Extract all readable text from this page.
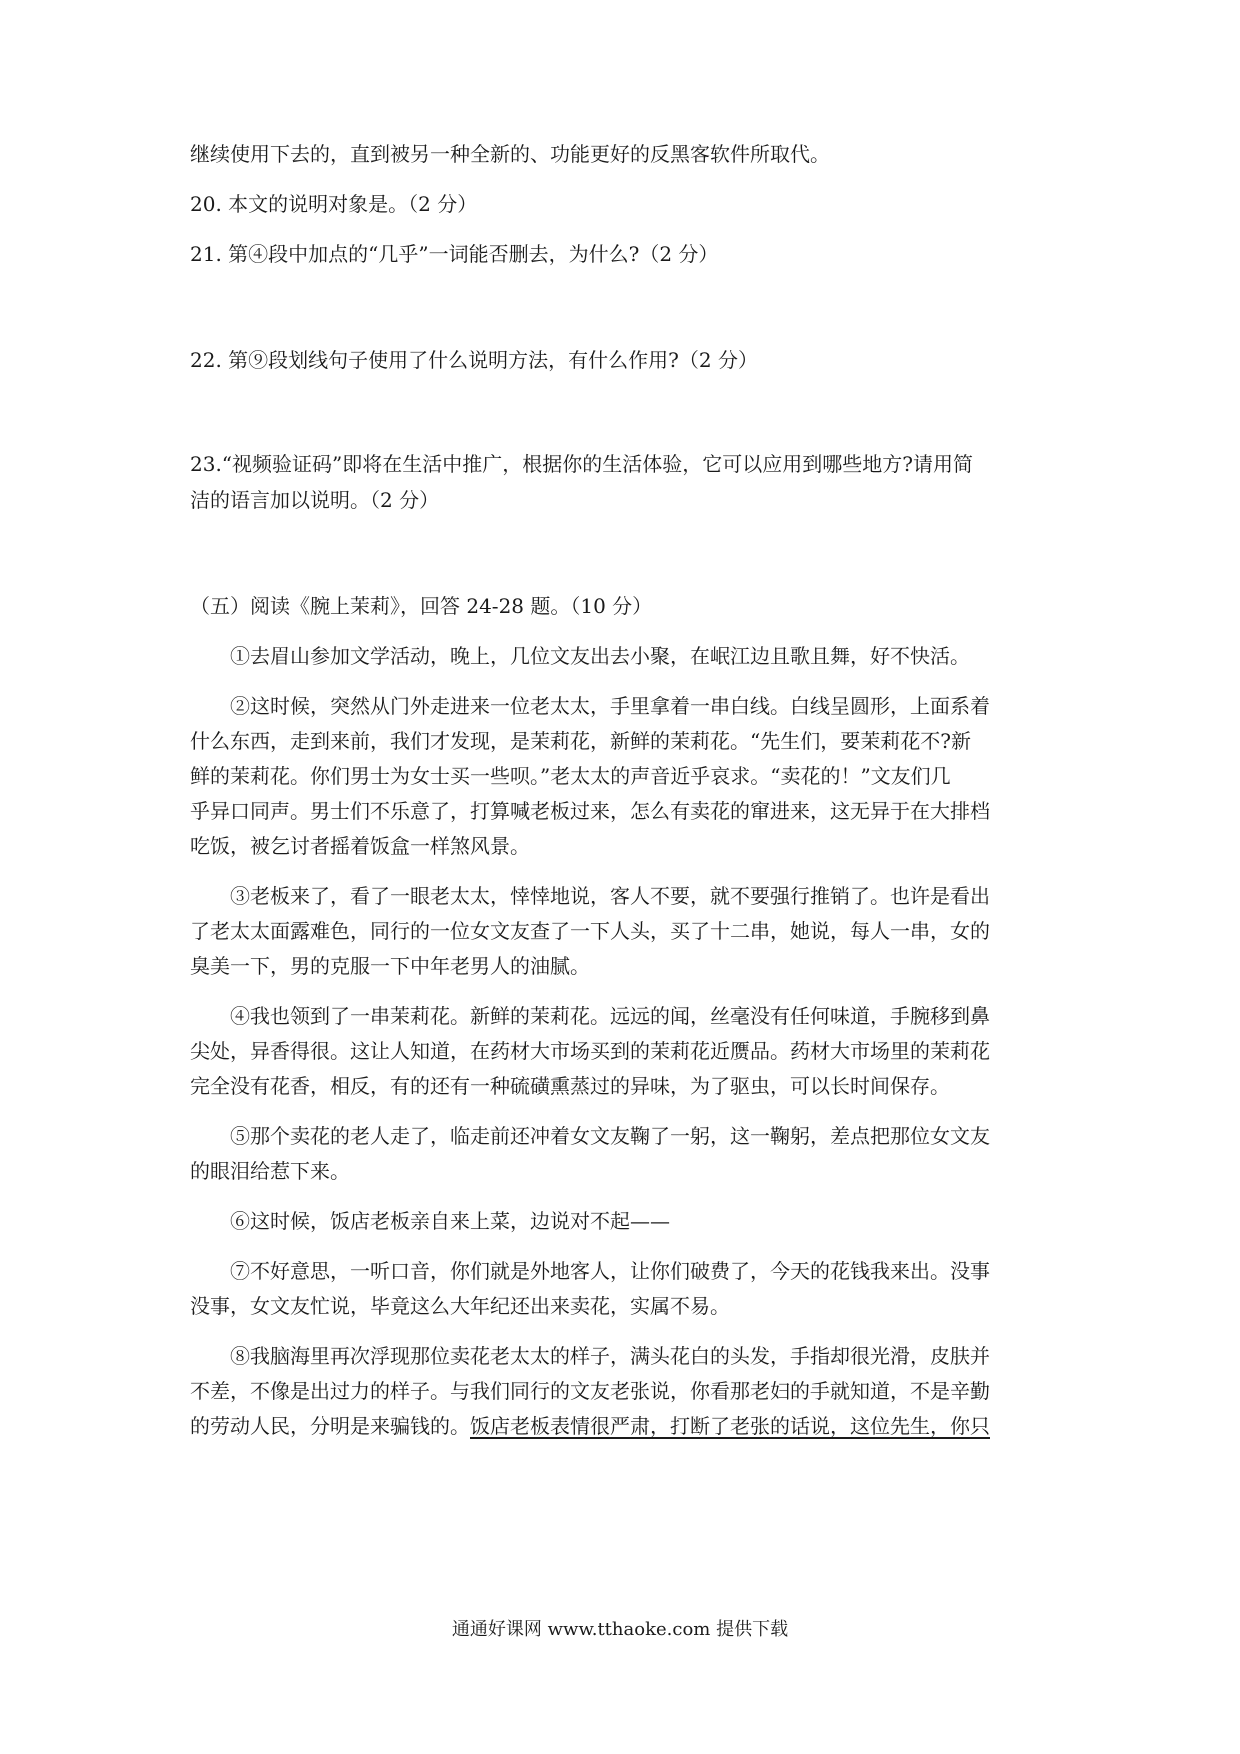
继续使用下去的，直到被另一种全新的、功能更好的反黑客软件所取代。
20. 本文的说明对象是。（2 分）
21. 第④段中加点的“几乎”一词能否删去，为什么?（2 分）
22. 第⑨段划线句子使用了什么说明方法，有什么作用?（2 分）
23.“视频验证码”即将在生活中推广，根据你的生活体验，它可以应用到哪些地方?请用简
洁的语言加以说明。（2 分）
（五）阅读《腕上茉莉》，回答 24-28 题。（10 分）
①去眉山参加文学活动，晚上，几位文友出去小聚，在岷江边且歌且舞，好不快活。
②这时候，突然从门外走进来一位老太太，手里拿着一串白线。白线呈圆形，上面系着
什么东西，走到来前，我们才发现，是茉莉花，新鲜的茉莉花。“先生们，要茉莉花不?新
鲜的茉莉花。你们男士为女士买一些呗。”老太太的声音近乎哀求。“卖花的！”文友们几
乎异口同声。男士们不乐意了，打算喊老板过来，怎么有卖花的窜进来，这无异于在大排档
吃饭，被乞讨者摇着饭盒一样煞风景。
③老板来了，看了一眼老太太，悻悻地说，客人不要，就不要强行推销了。也许是看出
了老太太面露难色，同行的一位女文友查了一下人头，买了十二串，她说，每人一串，女的
臭美一下，男的克服一下中年老男人的油腻。
④我也领到了一串茉莉花。新鲜的茉莉花。远远的闻，丝毫没有任何味道，手腕移到鼻
尖处，异香得很。这让人知道，在药材大市场买到的茉莉花近赝品。药材大市场里的茉莉花
完全没有花香，相反，有的还有一种硫磺熏蒸过的异味，为了驱虫，可以长时间保存。
⑤那个卖花的老人走了，临走前还冲着女文友鞠了一躬，这一鞠躬，差点把那位女文友
的眼泪给惹下来。
⑥这时候，饭店老板亲自来上菜，边说对不起——
⑦不好意思，一听口音，你们就是外地客人，让你们破费了，今天的花钱我来出。没事
没事，女文友忙说，毕竟这么大年纪还出来卖花，实属不易。
⑧我脑海里再次浮现那位卖花老太太的样子，满头花白的头发，手指却很光滑，皮肤并
不差，不像是出过力的样子。与我们同行的文友老张说，你看那老妇的手就知道，不是辛勤
的劳动人民，分明是来骗钱的。饭店老板表情很严肃，打断了老张的话说，这位先生，你只
通通好课网 www.tthaoke.com 提供下载
